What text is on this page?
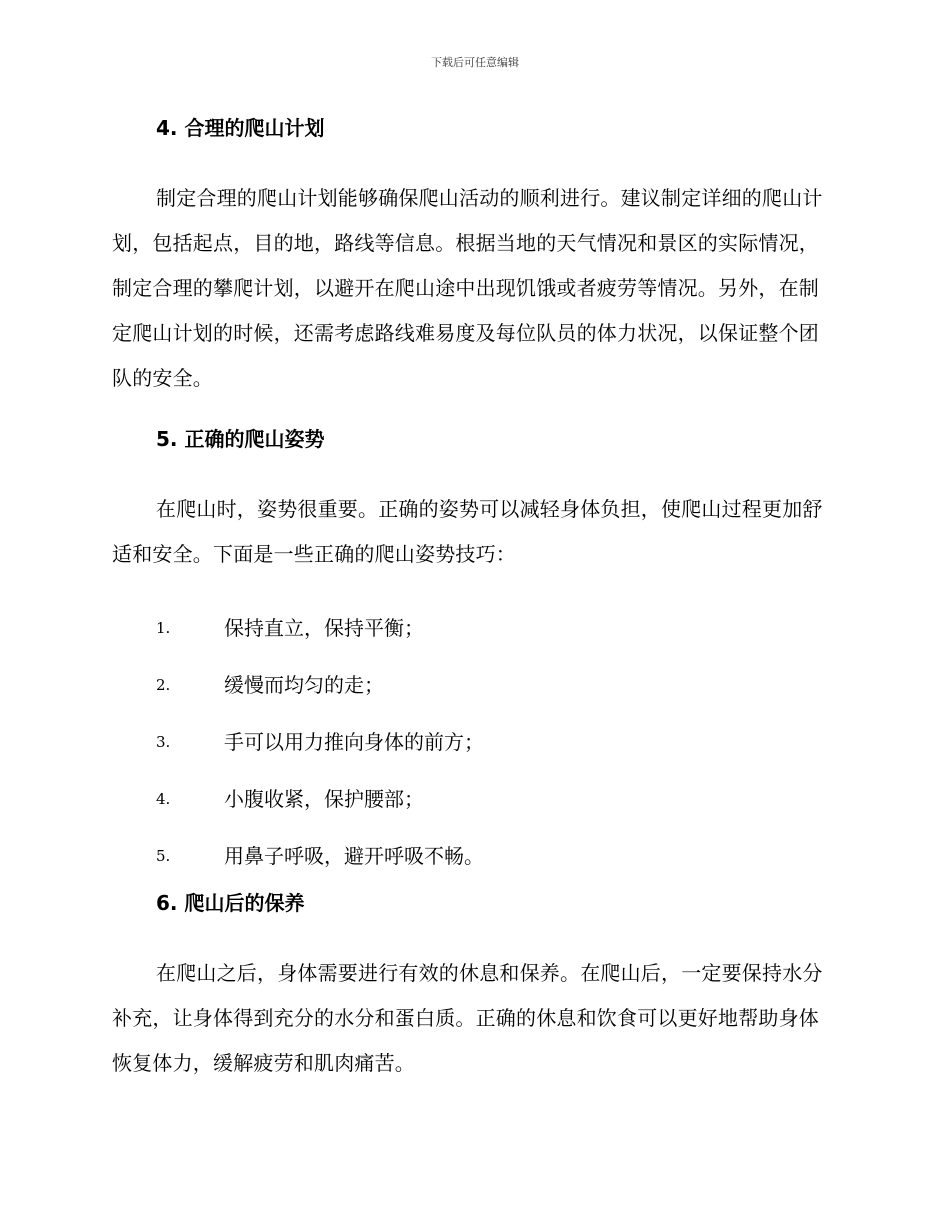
下载后可任意编辑
4. 合理的爬山计划

制定合理的爬山计划能够确保爬山活动的顺利进行。建议制定详细的爬山计划，包括起点，目的地，路线等信息。根据当地的天气情况和景区的实际情况，制定合理的攀爬计划，以避开在爬山途中出现饥饿或者疲劳等情况。另外，在制定爬山计划的时候，还需考虑路线难易度及每位队员的体力状况，以保证整个团队的安全。

5. 正确的爬山姿势

在爬山时，姿势很重要。正确的姿势可以减轻身体负担，使爬山过程更加舒适和安全。下面是一些正确的爬山姿势技巧：

1.	保持直立，保持平衡；
2.	缓慢而均匀的走；
3.	手可以用力推向身体的前方；
4.	小腹收紧，保护腰部；
5.	用鼻子呼吸，避开呼吸不畅。
6. 爬山后的保养

在爬山之后，身体需要进行有效的休息和保养。在爬山后，一定要保持水分补充，让身体得到充分的水分和蛋白质。正确的休息和饮食可以更好地帮助身体恢复体力，缓解疲劳和肌肉痛苦。
